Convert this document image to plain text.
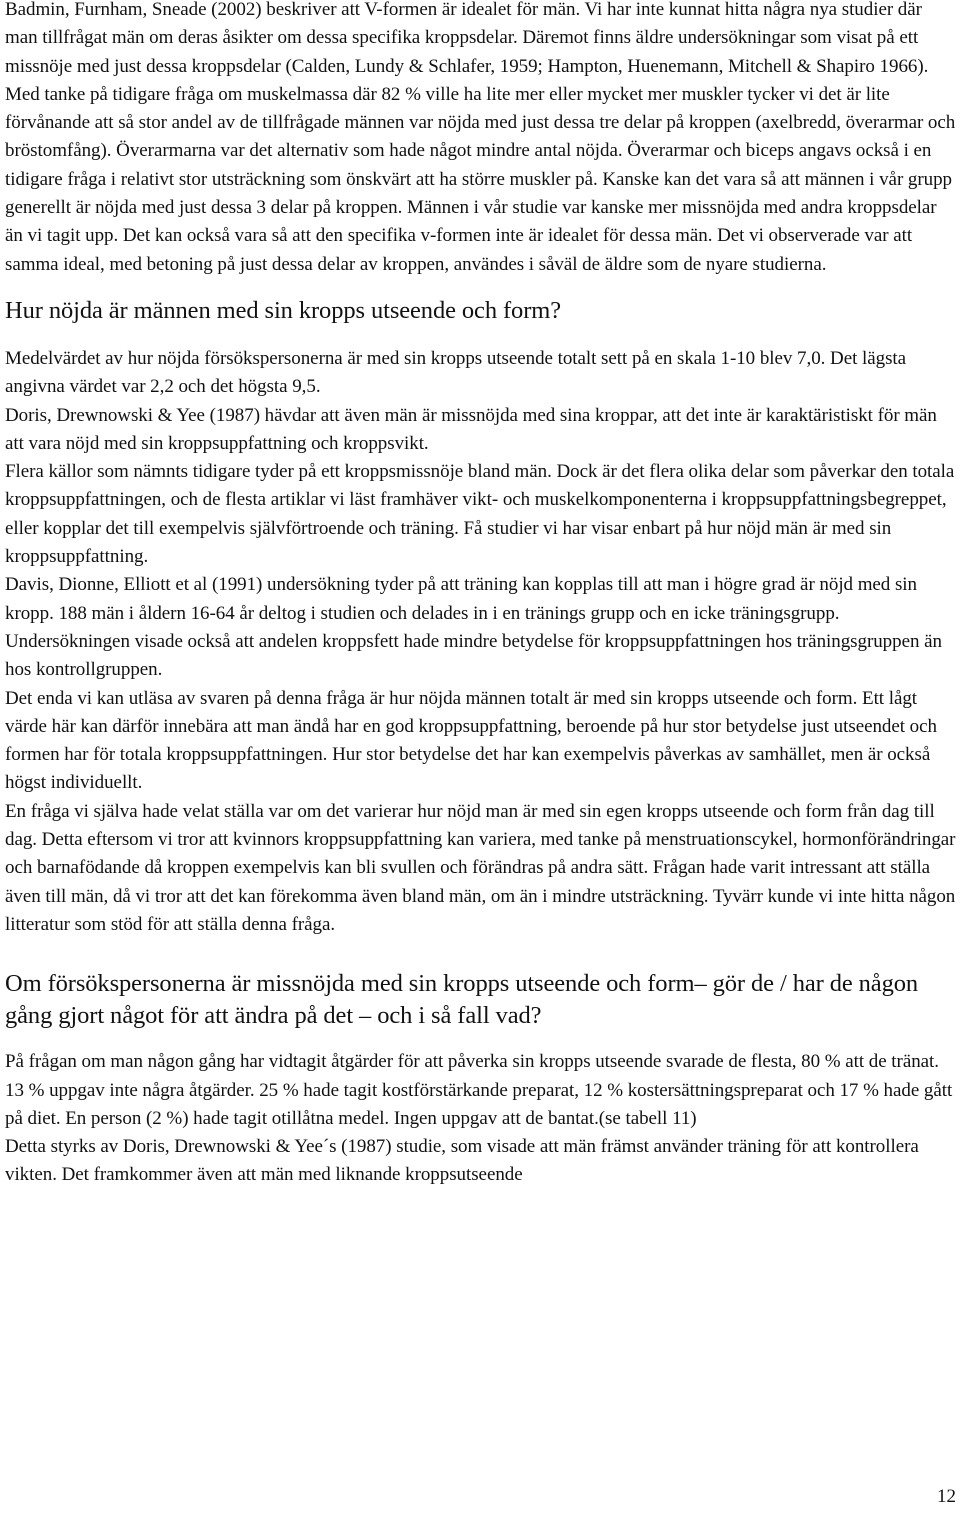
Badmin, Furnham, Sneade (2002) beskriver att V-formen är idealet för män. Vi har inte kunnat hitta några nya studier där man tillfrågat män om deras åsikter om dessa specifika kroppsdelar. Däremot finns äldre undersökningar som visat på ett missnöje med just dessa kroppsdelar (Calden, Lundy & Schlafer, 1959; Hampton, Huenemann, Mitchell & Shapiro 1966). Med tanke på tidigare fråga om muskelmassa där 82 % ville ha lite mer eller mycket mer muskler tycker vi det är lite förvånande att så stor andel av de tillfrågade männen var nöjda med just dessa tre delar på kroppen (axelbredd, överarmar och bröstomfång). Överarmarna var det alternativ som hade något mindre antal nöjda. Överarmar och biceps angavs också i en tidigare fråga i relativt stor utsträckning som önskvärt att ha större muskler på. Kanske kan det vara så att männen i vår grupp generellt är nöjda med just dessa 3 delar på kroppen. Männen i vår studie var kanske mer missnöjda med andra kroppsdelar än vi tagit upp. Det kan också vara så att den specifika v-formen inte är idealet för dessa män. Det vi observerade var att samma ideal, med betoning på just dessa delar av kroppen, användes i såväl de äldre som de nyare studierna.

Hur nöjda är männen med sin kropps utseende och form?

Medelvärdet av hur nöjda försökspersonerna är med sin kropps utseende totalt sett på en skala 1-10 blev 7,0. Det lägsta angivna värdet var 2,2 och det högsta 9,5.

Doris, Drewnowski & Yee (1987) hävdar att även män är missnöjda med sina kroppar, att det inte är karaktäristiskt för män att vara nöjd med sin kroppsuppfattning och kroppsvikt.

Flera källor som nämnts tidigare tyder på ett kroppsmissnöje bland män. Dock är det flera olika delar som påverkar den totala kroppsuppfattningen, och de flesta artiklar vi läst framhäver vikt- och muskelkomponenterna i kroppsuppfattningsbegreppet, eller kopplar det till exempelvis självförtroende och träning. Få studier vi har visar enbart på hur nöjd män är med sin kroppsuppfattning.

Davis, Dionne, Elliott et al (1991) undersökning tyder på att träning kan kopplas till att man i högre grad är nöjd med sin kropp. 188 män i åldern 16-64 år deltog i studien och delades in i en tränings grupp och en icke träningsgrupp. Undersökningen visade också att andelen kroppsfett hade mindre betydelse för kroppsuppfattningen hos träningsgruppen än hos kontrollgruppen.

Det enda vi kan utläsa av svaren på denna fråga är hur nöjda männen totalt är med sin kropps utseende och form. Ett lågt värde här kan därför innebära att man ändå har en god kroppsuppfattning, beroende på hur stor betydelse just utseendet och formen har för totala kroppsuppfattningen. Hur stor betydelse det har kan exempelvis påverkas av samhället, men är också högst individuellt.

En fråga vi själva hade velat ställa var om det varierar hur nöjd man är med sin egen kropps utseende och form från dag till dag. Detta eftersom vi tror att kvinnors kroppsuppfattning kan variera, med tanke på menstruationscykel, hormonförändringar och barnafödande då kroppen exempelvis kan bli svullen och förändras på andra sätt. Frågan hade varit intressant att ställa även till män, då vi tror att det kan förekomma även bland män, om än i mindre utsträckning. Tyvärr kunde vi inte hitta någon litteratur som stöd för att ställa denna fråga.

Om försökspersonerna är missnöjda med sin kropps utseende och form– gör de / har de någon gång gjort något för att ändra på det – och i så fall vad?

På frågan om man någon gång har vidtagit åtgärder för att påverka sin kropps utseende svarade de flesta, 80 % att de tränat. 13 % uppgav inte några åtgärder. 25 % hade tagit kostförstärkande preparat, 12 % kostersättningspreparat och 17 % hade gått på diet. En person (2 %) hade tagit otillåtna medel. Ingen uppgav att de bantat.(se tabell 11)

Detta styrks av Doris, Drewnowski & Yee´s (1987) studie, som visade att män främst använder träning för att kontrollera vikten. Det framkommer även att män med liknande kroppsutseende

12
